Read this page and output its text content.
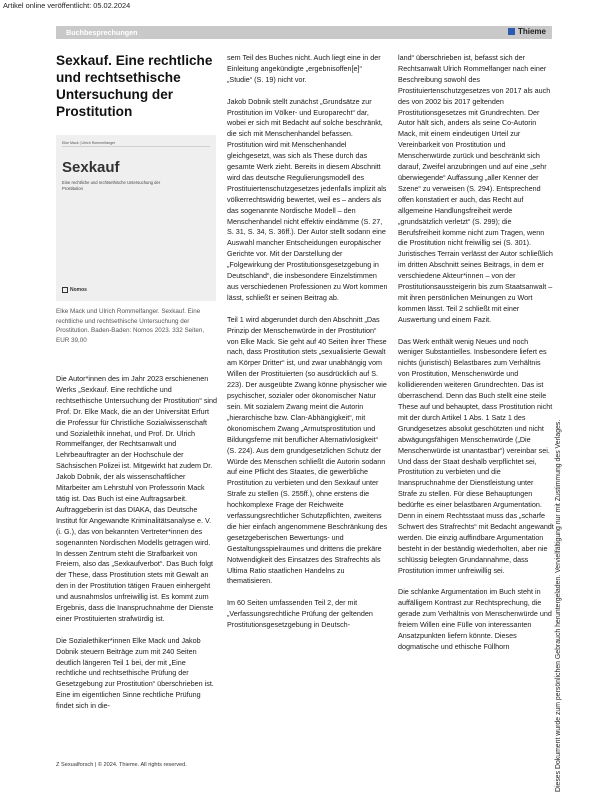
Artikel online veröffentlicht: 05.02.2024
Buchbesprechungen	Thieme
Sexkauf. Eine rechtliche und rechtsethische Untersuchung der Prostitution
Elke Mack | Ulrich Rommelfanger
Sexkauf
Eine rechtliche und rechtsethische Untersuchung der Prostitution
Nomos
Elke Mack und Ulrich Rommelfanger. Sexkauf. Eine rechtliche und rechtsethische Untersuchung der Prostitution. Baden-Baden: Nomos 2023. 332 Seiten, EUR 39,00

Die Autor*innen des im Jahr 2023 erschienenen Werks „Sexkauf. Eine rechtliche und rechtsethische Untersuchung der Prostitution“ sind Prof. Dr. Elke Mack, die an der Universität Erfurt die Professur für Christliche Sozialwissenschaft und Sozialethik innehat, und Prof. Dr. Ulrich Rommelfanger, der Rechtsanwalt und Lehrbeauftragter an der Hochschule der Sächsischen Polizei ist. Mitgewirkt hat zudem Dr. Jakob Dobnik, der als wissenschaftlicher Mitarbeiter am Lehrstuhl von Professorin Mack tätig ist. Das Buch ist eine Auftragsarbeit. Auftraggeberin ist das DIAKA, das Deutsche Institut für Angewandte Kriminalitätsanalyse e. V. (i. G.), das von bekannten Vertreter*innen des sogenannten Nordischen Modells getragen wird. In dessen Zentrum steht die Strafbarkeit von Freiern, also das „Sexkaufverbot“. Das Buch folgt der These, dass Prostitution stets mit Gewalt an den in der Prostitution tätigen Frauen einhergeht und ausnahmslos unfreiwillig ist. Es kommt zum Ergebnis, dass die Inanspruchnahme der Dienste einer Prostituierten strafwürdig ist.

Die Sozialethiker*innen Elke Mack und Jakob Dobnik steuern Beiträge zum mit 240 Seiten deutlich längeren Teil 1 bei, der mit „Eine rechtliche und rechtsethische Prüfung der Gesetzgebung zur Prostitution“ überschrieben ist. Eine im eigentlichen Sinne rechtliche Prüfung findet sich in die-

sem Teil des Buches nicht. Auch liegt eine in der Einleitung angekündigte „ergebnisoffen[e]“ „Studie“ (S. 19) nicht vor.

Jakob Dobnik stellt zunächst „Grundsätze zur Prostitution im Völker- und Europarecht“ dar, wobei er sich mit Bedacht auf solche beschränkt, die sich mit Menschenhandel befassen. Prostitution wird mit Menschenhandel gleichgesetzt, was sich als These durch das gesamte Werk zieht. Bereits in diesem Abschnitt wird das deutsche Regulierungsmodell des Prostituiertenschutzgesetzes jedenfalls implizit als völkerrechtswidrig bewertet, weil es – anders als das sogenannte Nordische Modell – den Menschenhandel nicht effektiv eindämme (S. 27, S. 31, S. 34, S. 36ff.). Der Autor stellt sodann eine Auswahl mancher Entscheidungen europäischer Gerichte vor. Mit der Darstellung der „Folgewirkung der Prostitutionsgesetzgebung in Deutschland“, die insbesondere Einzelstimmen aus verschiedenen Professionen zu Wort kommen lässt, schließt er seinen Beitrag ab.

Teil 1 wird abgerundet durch den Abschnitt „Das Prinzip der Menschenwürde in der Prostitution“ von Elke Mack. Sie geht auf 40 Seiten ihrer These nach, dass Prostitution stets „sexualisierte Gewalt am Körper Dritter“ ist, und zwar unabhängig vom Willen der Prostituierten (so ausdrücklich auf S. 223). Der ausgeübte Zwang könne physischer wie psychischer, sozialer oder ökonomischer Natur sein. Mit sozialem Zwang meint die Autorin „hierarchische bzw. Clan-Abhängigkeit“, mit ökonomischem Zwang „Armutsprostitution und Bildungsferne mit beruflicher Alternativlosigkeit“ (S. 224). Aus dem grundgesetzlichen Schutz der Würde des Menschen schließt die Autorin sodann auf eine Pflicht des Staates, die gewerbliche Prostitution zu verbieten und den Sexkauf unter Strafe zu stellen (S. 255ff.), ohne erstens die hochkomplexe Frage der Reichweite verfassungsrechtlicher Schutzpflichten, zweitens die hier einfach angenommene Beschränkung des gesetzgeberischen Bewertungs- und Gestaltungsspielraumes und drittens die prekäre Notwendigkeit des Einsatzes des Strafrechts als Ultima Ratio staatlichen Handelns zu thematisieren.

Im 60 Seiten umfassenden Teil 2, der mit „Verfassungsrechtliche Prüfung der geltenden Prostitutionsgesetzgebung in Deutsch-

land“ überschrieben ist, befasst sich der Rechtsanwalt Ulrich Rommelfanger nach einer Beschreibung sowohl des Prostituiertenschutzgesetzes von 2017 als auch des von 2002 bis 2017 geltenden Prostitutionsgesetzes mit Grundrechten. Der Autor hält sich, anders als seine Co-Autorin Mack, mit einem eindeutigen Urteil zur Vereinbarkeit von Prostitution und Menschenwürde zurück und beschränkt sich darauf, Zweifel anzubringen und auf eine „sehr überwiegende“ Auffassung „aller Kenner der Szene“ zu verweisen (S. 294). Entsprechend offen konstatiert er auch, das Recht auf allgemeine Handlungsfreiheit werde „grundsätzlich verletzt“ (S. 299); die Berufsfreiheit komme nicht zum Tragen, wenn die Prostitution nicht freiwillig sei (S. 301). Juristisches Terrain verlässt der Autor schließlich im dritten Abschnitt seines Beitrags, in dem er verschiedene Akteur*innen – von der Prostitutionsaussteigerin bis zum Staatsanwalt – mit ihren persönlichen Meinungen zu Wort kommen lässt. Teil 2 schließt mit einer Auswertung und einem Fazit.

Das Werk enthält wenig Neues und noch weniger Substantielles. Insbesondere liefert es nichts (juristisch) Belastbares zum Verhältnis von Prostitution, Menschenwürde und kollidierenden weiteren Grundrechten. Das ist überraschend. Denn das Buch stellt eine steile These auf und behauptet, dass Prostitution nicht mit der durch Artikel 1 Abs. 1 Satz 1 des Grundgesetzes absolut geschützten und nicht abwägungsfähigen Menschenwürde („Die Menschenwürde ist unantastbar“) vereinbar sei. Und dass der Staat deshalb verpflichtet sei, Prostitution zu verbieten und die Inanspruchnahme der Dienstleistung unter Strafe zu stellen. Für diese Behauptungen bedürfte es einer belastbaren Argumentation. Denn in einem Rechtsstaat muss das „scharfe Schwert des Strafrechts“ mit Bedacht angewandt werden. Die einzig auffindbare Argumentation besteht in der beständig wiederholten, aber nie schlüssig belegten Grundannahme, dass Prostitution immer unfreiwillig sei.

Die schlanke Argumentation im Buch steht in auffälligem Kontrast zur Rechtsprechung, die gerade zum Verhältnis von Menschenwürde und freiem Willen eine Fülle von interessanten Ansatzpunkten liefern könnte. Dieses dogmatische und ethische Füllhorn

Z Sexualforsch | © 2024. Thieme. All rights reserved.	Dieses Dokument wurde zum persönlichen Gebrauch heruntergeladen. Vervielfältigung nur mit Zustimmung des Verlages.
